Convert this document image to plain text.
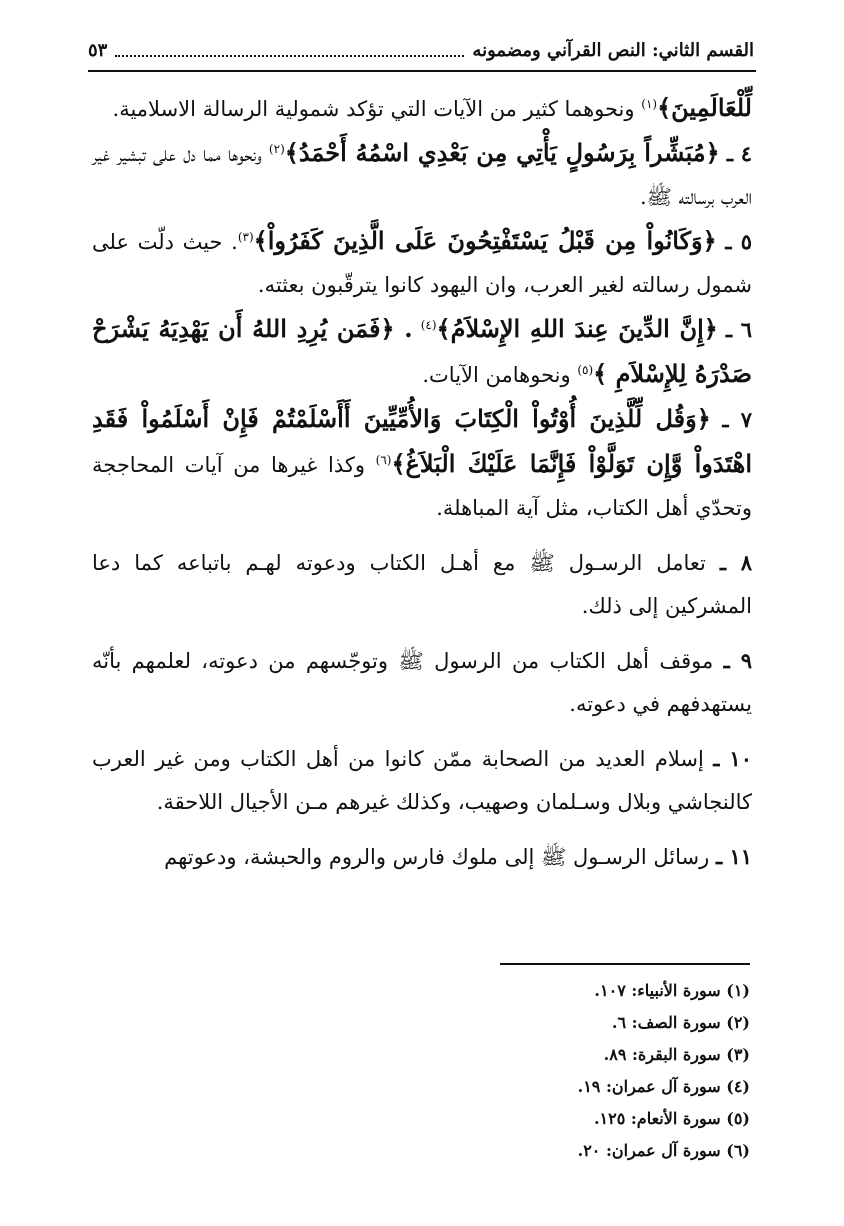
القسم الثاني: النص القرآني ومضمونه
٥٣

لِّلْعَالَمِينَ﴾$^{(١)}$ ونحوهما كثير من الآيات التي تؤكد شمولية الرسالة الاسلامية.

٤ ـ ﴿مُبَشِّراً بِرَسُولٍ يَأْتِي مِن بَعْدِي اسْمُهُ أَحْمَدُ﴾$^{(٢)}$ ونحوها مما دل على تبشير غير العرب برسالته ﷺ.

٥ ـ ﴿وَكَانُواْ مِن قَبْلُ يَسْتَفْتِحُونَ عَلَى الَّذِينَ كَفَرُواْ﴾$^{(٣)}$. حيث دلّت على شمول رسالته لغير العرب، وان اليهود كانوا يترقّبون بعثته.

٦ ـ ﴿إِنَّ الدِّينَ عِندَ اللهِ الإِسْلاَمُ﴾$^{(٤)}$ . ﴿فَمَن يُرِدِ اللهُ أَن يَهْدِيَهُ يَشْرَحْ صَدْرَهُ لِلإِسْلاَمِ ﴾$^{(٥)}$ ونحوهامن الآيات.

٧ ـ ﴿وَقُل لِّلَّذِينَ أُوْتُواْ الْكِتَابَ وَالأُمِّيِّينَ أَأَسْلَمْتُمْ فَإِنْ أَسْلَمُواْ فَقَدِ اهْتَدَواْ وَّإِن تَوَلَّوْاْ فَإِنَّمَا عَلَيْكَ الْبَلاَغُ﴾$^{(٦)}$ وكذا غيرها من آيات المحاججة وتحدّي أهل الكتاب، مثل آية المباهلة.

٨ ـ تعامل الرسـول ﷺ مع أهـل الكتاب ودعوته لهـم باتباعه كما دعا المشركين إلى ذلك.

٩ ـ موقف أهل الكتاب من الرسول ﷺ وتوجّسهم من دعوته، لعلمهم بأنّه يستهدفهم في دعوته.

١٠ ـ إسلام العديد من الصحابة ممّن كانوا من أهل الكتاب ومن غير العرب كالنجاشي وبلال وسـلمان وصهيب، وكذلك غيرهم مـن الأجيال اللاحقة.

١١ ـ رسائل الرسـول ﷺ إلى ملوك فارس والروم والحبشة، ودعوتهم

(١) سورة الأنبياء: ١٠٧.
(٢) سورة الصف: ٦.
(٣) سورة البقرة: ٨٩.
(٤) سورة آل عمران: ١٩.
(٥) سورة الأنعام: ١٢٥.
(٦) سورة آل عمران: ٢٠.
